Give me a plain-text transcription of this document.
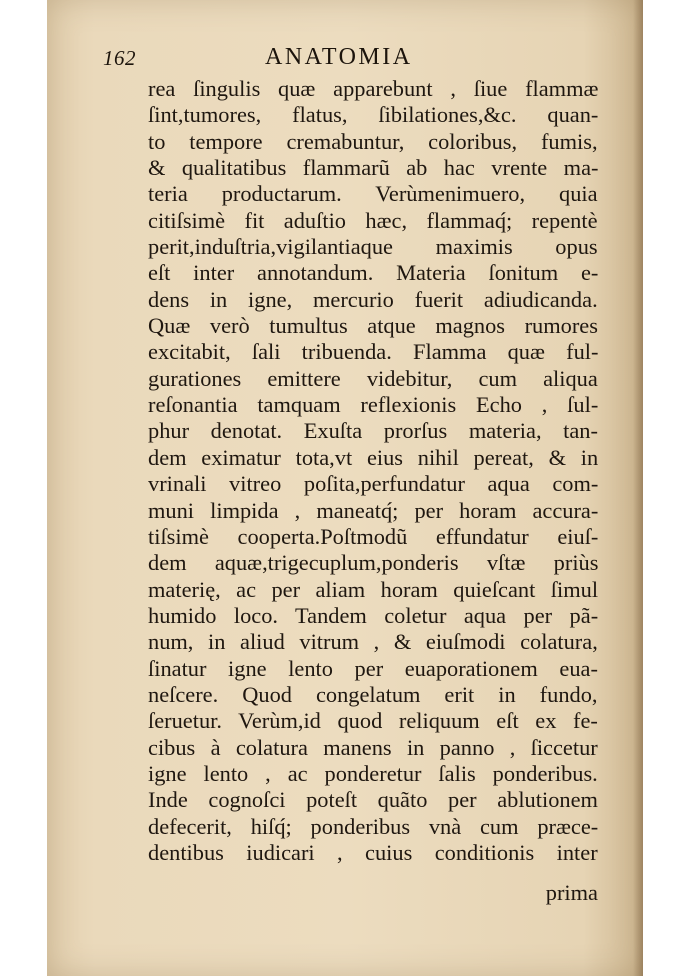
162	ANATOMIA
rea ſingulis quæ apparebunt , ſiue flammæ
ſint,tumores, flatus, ſibilationes,&c. quan-
to tempore cremabuntur, coloribus, fumis,
& qualitatibus flammarũ ab hac vrente ma-
teria productarum. Verùmenimuero, quia
citiſsimè fit aduſtio hæc, flammaq́; repentè
perit,induſtria,vigilantiaque maximis opus
eſt inter annotandum. Materia ſonitum e-
dens in igne, mercurio fuerit adiudicanda.
Quæ verò tumultus atque magnos rumores
excitabit, ſali tribuenda. Flamma quæ ful-
gurationes emittere videbitur, cum aliqua
reſonantia tamquam reflexionis Echo , ſul-
phur denotat. Exuſta prorſus materia, tan-
dem eximatur tota,vt eius nihil pereat, & in
vrinali vitreo poſita,perfundatur aqua com-
muni limpida , maneatq́; per horam accura-
tiſsimè cooperta.Poſtmodũ effundatur eiuſ-
dem aquæ,trigecuplum,ponderis vſtæ priùs
materię, ac per aliam horam quieſcant ſimul
humido loco. Tandem coletur aqua per pã-
num, in aliud vitrum , & eiuſmodi colatura,
ſinatur igne lento per euaporationem eua-
neſcere. Quod congelatum erit in fundo,
ſeruetur. Verùm,id quod reliquum eſt ex fe-
cibus à colatura manens in panno , ſiccetur
igne lento , ac ponderetur ſalis ponderibus.
Inde cognoſci poteſt quãto per ablutionem
defecerit, hiſq́; ponderibus vnà cum præce-
dentibus iudicari , cuius conditionis inter
prima
